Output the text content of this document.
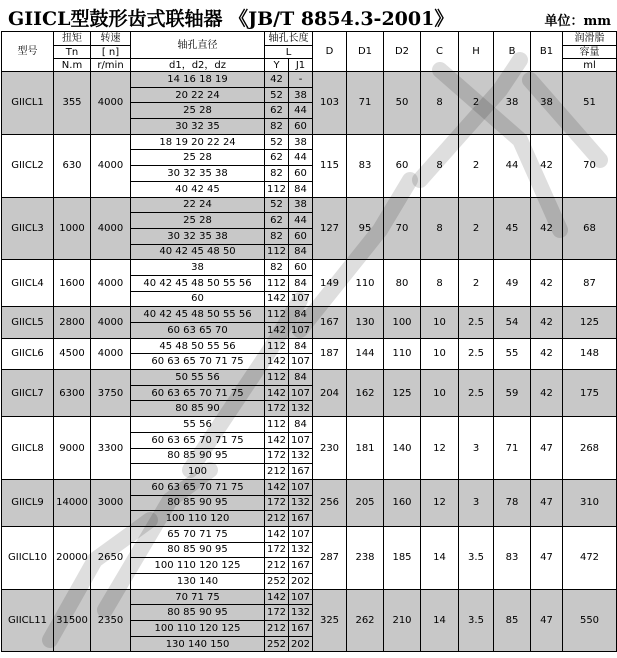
GIICL型鼓形齿式联轴器 《JB/T 8854.3-2001》	单位：mm
型号	扭矩	转速	轴孔直径	轴孔长度		D	D1	D2	C	H	B	B1	润滑脂
	Tn	[ n]		L									容量
	N.m	r/min	d1，d2，dz	Y	J1								ml
GIICL1	355	4000	14 16 18 19	42	-	103	71	50	8	2	38	38	51
			20 22 24	52	38								
			25 28	62	44								
			30 32 35	82	60								
GIICL2	630	4000	18 19 20 22 24	52	38	115	83	60	8	2	44	42	70
			25 28	62	44								
			30 32 35 38	82	60								
			40 42 45	112	84								
GIICL3	1000	4000	22 24	52	38	127	95	70	8	2	45	42	68
			25 28	62	44								
			30 32 35 38	82	60								
			40 42 45 48 50	112	84								
GIICL4	1600	4000	38	82	60	149	110	80	8	2	49	42	87
			40 42 45 48 50 55 56	112	84								
			60	142	107								
GIICL5	2800	4000	40 42 45 48 50 55 56	112	84	167	130	100	10	2.5	54	42	125
			60 63 65 70	142	107								
GIICL6	4500	4000	45 48 50 55 56	112	84	187	144	110	10	2.5	55	42	148
			60 63 65 70 71 75	142	107								
GIICL7	6300	3750	50 55 56	112	84	204	162	125	10	2.5	59	42	175
			60 63 65 70 71 75	142	107								
			80 85 90	172	132								
GIICL8	9000	3300	55 56	112	84	230	181	140	12	3	71	47	268
			60 63 65 70 71 75	142	107								
			80 85 90 95	172	132								
			100	212	167								
GIICL9	14000	3000	60 63 65 70 71 75	142	107	256	205	160	12	3	78	47	310
			80 85 90 95	172	132								
			100 110 120	212	167								
GIICL10	20000	2650	65 70 71 75	142	107	287	238	185	14	3.5	83	47	472
			80 85 90 95	172	132								
			100 110 120 125	212	167								
			130 140	252	202								
GIICL11	31500	2350	70 71 75	142	107	325	262	210	14	3.5	85	47	550
			80 85 90 95	172	132								
			100 110 120 125	212	167								
			130 140 150	252	202								
